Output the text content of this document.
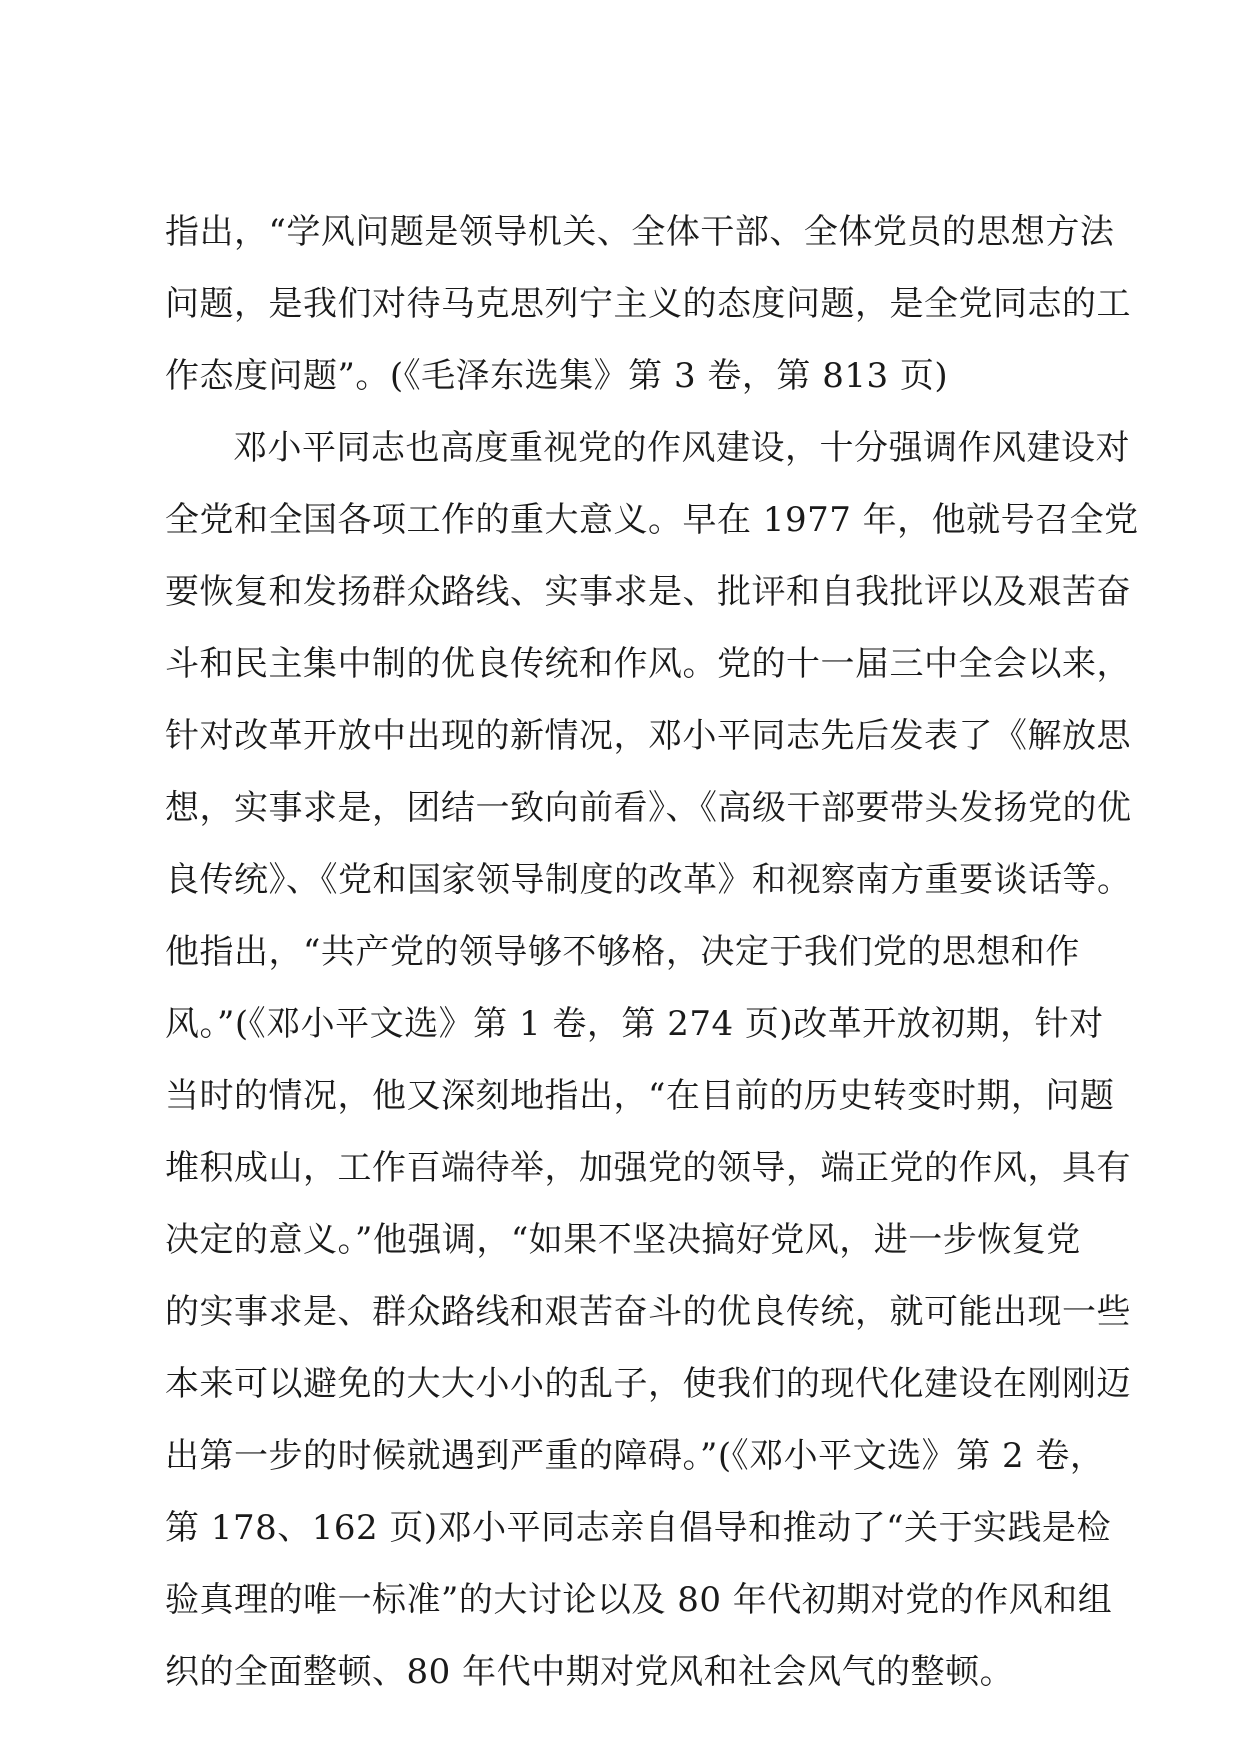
指出，“学风问题是领导机关、全体干部、全体党员的思想方法
问题，是我们对待马克思列宁主义的态度问题，是全党同志的工
作态度问题”。(《毛泽东选集》第 3 卷，第 813 页)
邓小平同志也高度重视党的作风建设，十分强调作风建设对
全党和全国各项工作的重大意义。早在 1977 年，他就号召全党
要恢复和发扬群众路线、实事求是、批评和自我批评以及艰苦奋
斗和民主集中制的优良传统和作风。党的十一届三中全会以来，
针对改革开放中出现的新情况，邓小平同志先后发表了《解放思
想，实事求是，团结一致向前看》、《高级干部要带头发扬党的优
良传统》、《党和国家领导制度的改革》和视察南方重要谈话等。
他指出，“共产党的领导够不够格，决定于我们党的思想和作
风。”(《邓小平文选》第 1 卷，第 274 页)改革开放初期，针对
当时的情况，他又深刻地指出，“在目前的历史转变时期，问题
堆积成山，工作百端待举，加强党的领导，端正党的作风，具有
决定的意义。”他强调，“如果不坚决搞好党风，进一步恢复党
的实事求是、群众路线和艰苦奋斗的优良传统，就可能出现一些
本来可以避免的大大小小的乱子，使我们的现代化建设在刚刚迈
出第一步的时候就遇到严重的障碍。”(《邓小平文选》第 2 卷，
第 178、162 页)邓小平同志亲自倡导和推动了“关于实践是检
验真理的唯一标准”的大讨论以及 80 年代初期对党的作风和组
织的全面整顿、80 年代中期对党风和社会风气的整顿。
